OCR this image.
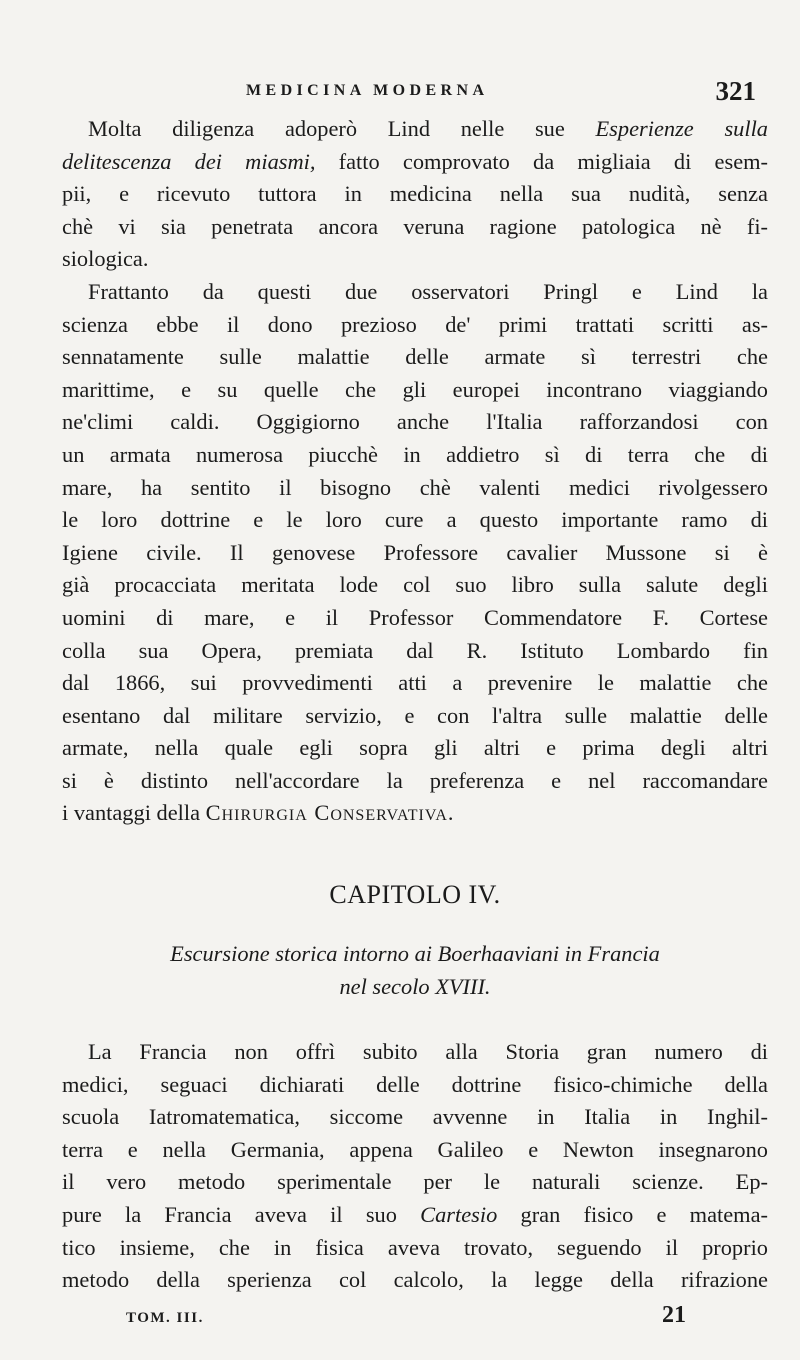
MEDICINA MODERNA	321
Molta diligenza adoperò Lind nelle sue Esperienze sulla
delitescenza dei miasmi, fatto comprovato da migliaia di esem-
pii, e ricevuto tuttora in medicina nella sua nudità, senza
chè vi sia penetrata ancora veruna ragione patologica nè fi-
siologica.
Frattanto da questi due osservatori Pringl e Lind la
scienza ebbe il dono prezioso de' primi trattati scritti as-
sennatamente sulle malattie delle armate sì terrestri che
marittime, e su quelle che gli europei incontrano viaggiando
ne'climi caldi. Oggigiorno anche l'Italia rafforzandosi con
un armata numerosa piucchè in addietro sì di terra che di
mare, ha sentito il bisogno chè valenti medici rivolgessero
le loro dottrine e le loro cure a questo importante ramo di
Igiene civile. Il genovese Professore cavalier Mussone si è
già procacciata meritata lode col suo libro sulla salute degli
uomini di mare, e il Professor Commendatore F. Cortese
colla sua Opera, premiata dal R. Istituto Lombardo fin
dal 1866, sui provvedimenti atti a prevenire le malattie che
esentano dal militare servizio, e con l'altra sulle malattie delle
armate, nella quale egli sopra gli altri e prima degli altri
si è distinto nell'accordare la preferenza e nel raccomandare
i vantaggi della Chirurgia Conservativa.
CAPITOLO IV.
Escursione storica intorno ai Boerhaaviani in Francia
nel secolo XVIII.
La Francia non offrì subito alla Storia gran numero di
medici, seguaci dichiarati delle dottrine fisico-chimiche della
scuola Iatromatematica, siccome avvenne in Italia in Inghil-
terra e nella Germania, appena Galileo e Newton insegnarono
il vero metodo sperimentale per le naturali scienze. Ep-
pure la Francia aveva il suo Cartesio gran fisico e matema-
tico insieme, che in fisica aveva trovato, seguendo il proprio
metodo della sperienza col calcolo, la legge della rifrazione
TOM. III.	21
